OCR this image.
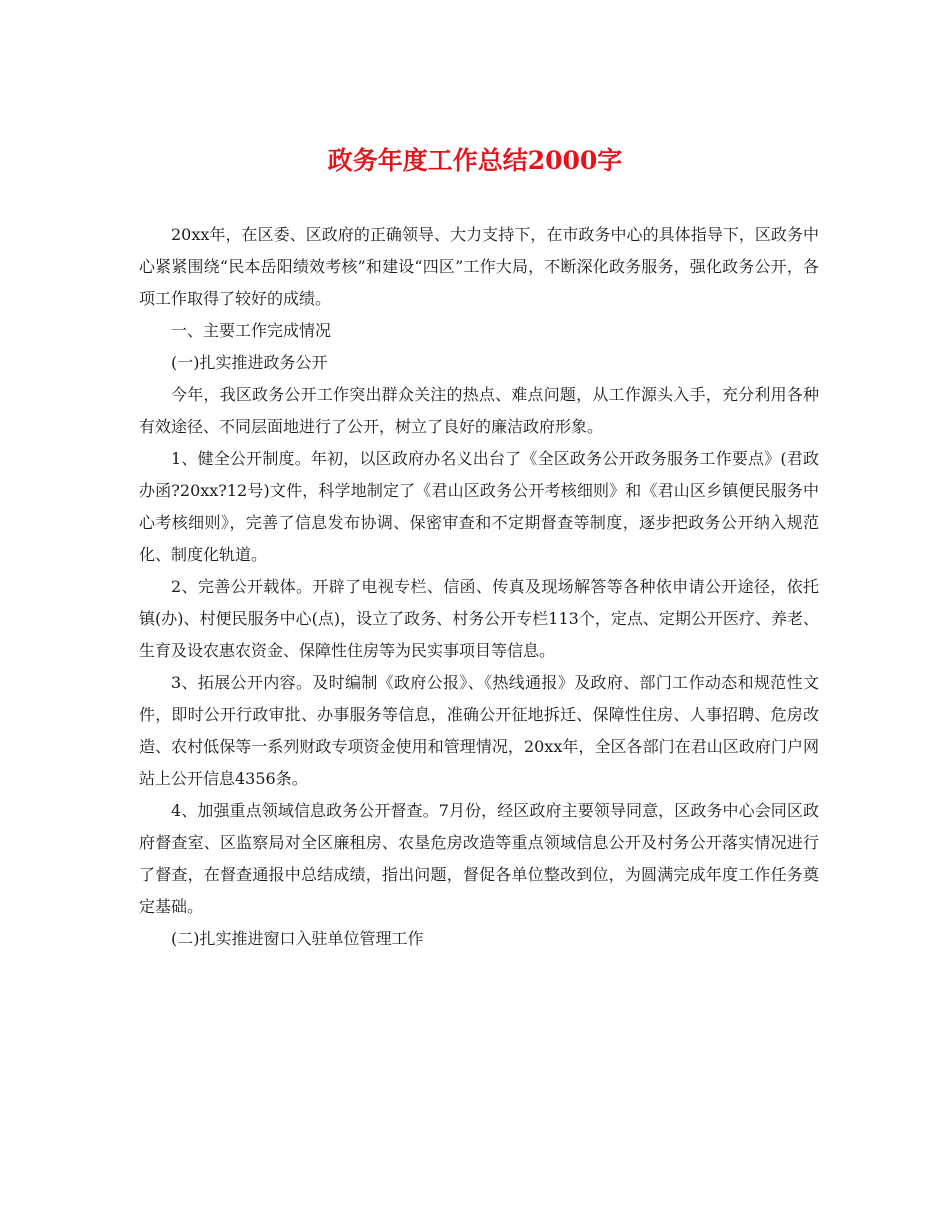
政务年度工作总结2000字

20xx年，在区委、区政府的正确领导、大力支持下，在市政务中心的具体指导下，区政务中心紧紧围绕“民本岳阳绩效考核”和建设“四区”工作大局，不断深化政务服务，强化政务公开，各项工作取得了较好的成绩。

一、主要工作完成情况

(一)扎实推进政务公开

今年，我区政务公开工作突出群众关注的热点、难点问题，从工作源头入手，充分利用各种有效途径、不同层面地进行了公开，树立了良好的廉洁政府形象。

1、健全公开制度。年初，以区政府办名义出台了《全区政务公开政务服务工作要点》(君政办函?20xx?12号)文件，科学地制定了《君山区政务公开考核细则》和《君山区乡镇便民服务中心考核细则》，完善了信息发布协调、保密审查和不定期督查等制度，逐步把政务公开纳入规范化、制度化轨道。

2、完善公开载体。开辟了电视专栏、信函、传真及现场解答等各种依申请公开途径，依托镇(办)、村便民服务中心(点)，设立了政务、村务公开专栏113个，定点、定期公开医疗、养老、生育及设农惠农资金、保障性住房等为民实事项目等信息。

3、拓展公开内容。及时编制《政府公报》、《热线通报》及政府、部门工作动态和规范性文件，即时公开行政审批、办事服务等信息，准确公开征地拆迁、保障性住房、人事招聘、危房改造、农村低保等一系列财政专项资金使用和管理情况，20xx年，全区各部门在君山区政府门户网站上公开信息4356条。

4、加强重点领域信息政务公开督查。7月份，经区政府主要领导同意，区政务中心会同区政府督查室、区监察局对全区廉租房、农垦危房改造等重点领域信息公开及村务公开落实情况进行了督查，在督查通报中总结成绩，指出问题，督促各单位整改到位，为圆满完成年度工作任务奠定基础。

(二)扎实推进窗口入驻单位管理工作
